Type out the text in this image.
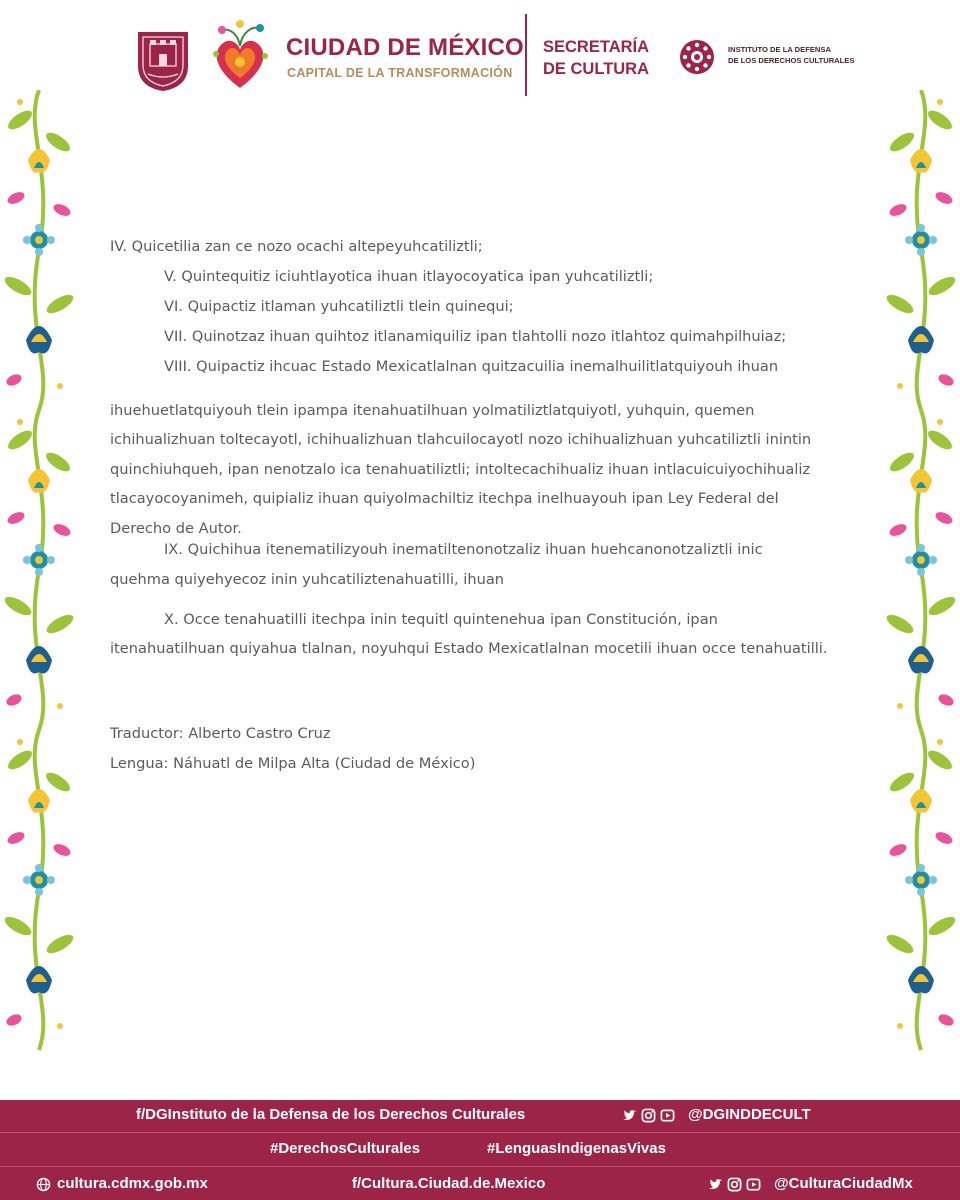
CIUDAD DE MÉXICO
CAPITAL DE LA TRANSFORMACIÓN
SECRETARÍA
DE CULTURA
INSTITUTO DE LA DEFENSA
DE LOS DERECHOS CULTURALES
IV. Quicetilia zan ce nozo ocachi altepeyuhcatiliztli;
V. Quintequitiz iciuhtlayotica ihuan itlayocoyatica ipan yuhcatiliztli;
VI. Quipactiz itlaman yuhcatiliztli tlein quinequi;
VII. Quinotzaz ihuan quihtoz itlanamiquiliz ipan tlahtolli nozo itlahtoz quimahpilhuiaz;
VIII. Quipactiz ihcuac Estado Mexicatlalnan quitzacuilia inemalhuilitlatquiyouh ihuan
ihuehuetlatquiyouh tlein ipampa itenahuatilhuan yolmatiliztlatquiyotl, yuhquin, quemen ichihualizhuan toltecayotl, ichihualizhuan tlahcuilocayotl nozo ichihualizhuan yuhcatiliztli inintin quinchiuhqueh, ipan nenotzalo ica tenahuatiliztli; intoltecachihualiz ihuan intlacuicuiyochihualiz tlacayocoyanimeh, quipializ ihuan quiyolmachiltiz itechpa inelhuayouh ipan Ley Federal del Derecho de Autor.
IX. Quichihua itenematilizyouh inematiltenonotzaliz ihuan huehcanonotzaliztli inic
quehma quiyehyecoz inin yuhcatiliztenahuatilli, ihuan
X. Occe tenahuatilli itechpa inin tequitl quintenehua ipan Constitución, ipan
itenahuatilhuan quiyahua tlalnan, noyuhqui Estado Mexicatlalnan mocetili ihuan occe tenahuatilli.
Traductor: Alberto Castro Cruz
Lengua: Náhuatl de Milpa Alta (Ciudad de México)
f/DGInstituto de la Defensa de los Derechos Culturales	@DGINDDECULT
#DerechosCulturales	#LenguasIndigenasVivas
cultura.cdmx.gob.mx	f/Cultura.Ciudad.de.Mexico	@CulturaCiudadMx
